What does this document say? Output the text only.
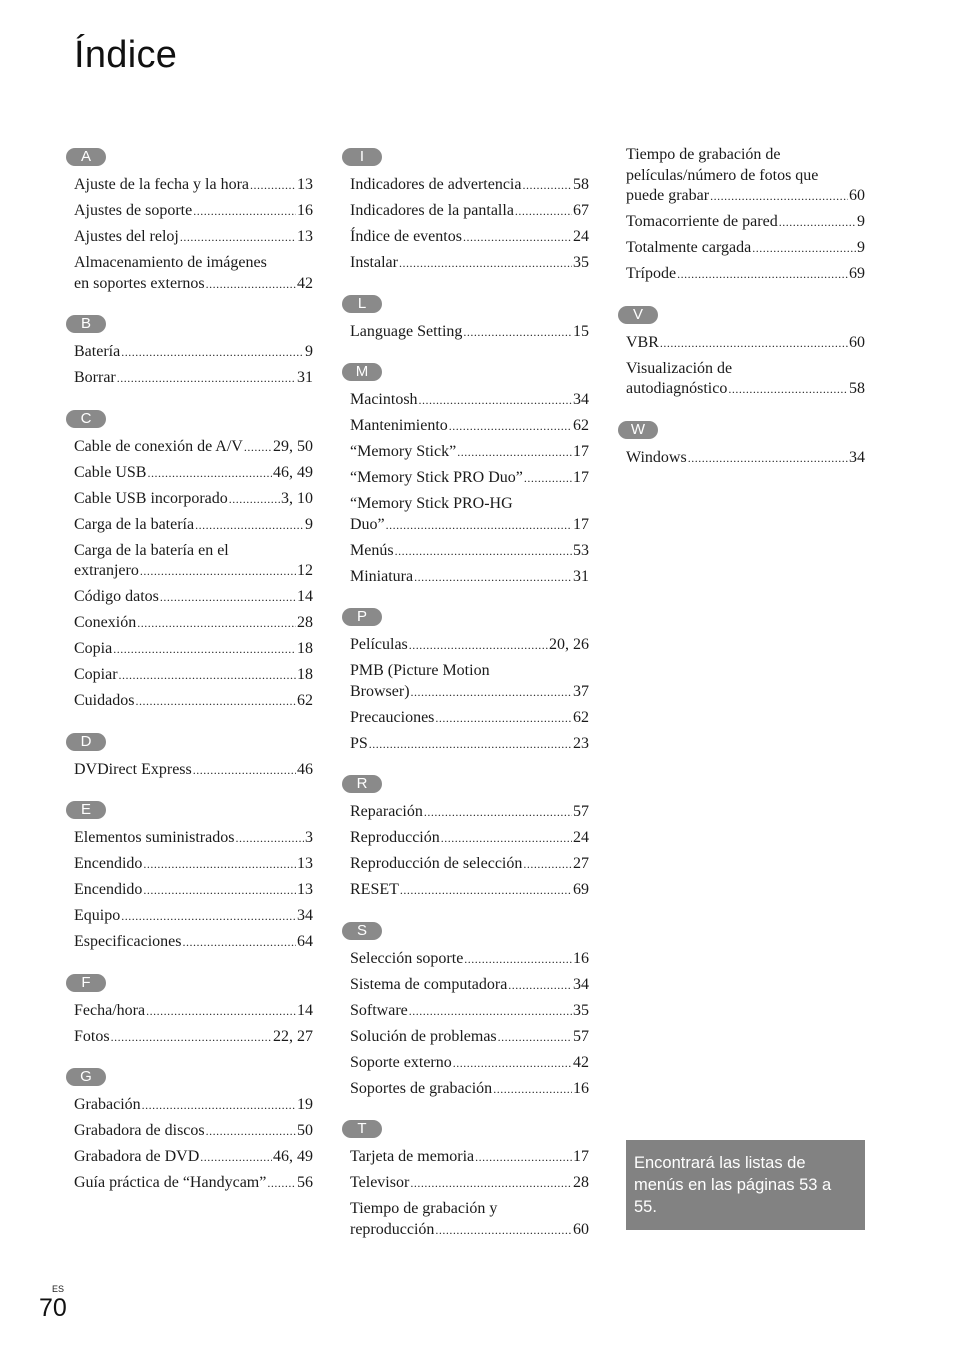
Índice
A
Ajuste de la fecha y la hora .....	13
Ajustes de soporte .....	16
Ajustes del reloj .....	13
Almacenamiento de imágenes
en soportes externos .....	42
B
Batería .....	9
Borrar .....	31
C
Cable de conexión de A/V ..... 29, 50
Cable USB .....	46, 49
Cable USB incorporado .....	3, 10
Carga de la batería .....	9
Carga de la batería en el
extranjero .....	12
Código datos .....	14
Conexión .....	28
Copia .....	18
Copiar .....	18
Cuidados .....	62
D
DVDirect Express .....	46
E
Elementos suministrados .....	3
Encendido .....	13
Encendido .....	13
Equipo .....	34
Especificaciones .....	64
F
Fecha/hora .....	14
Fotos .....	22, 27
G
Grabación .....	19
Grabadora de discos .....	50
Grabadora de DVD .....	46, 49
Guía práctica de “Handycam” ..... 56
I
Indicadores de advertencia .....	58
Indicadores de la pantalla .....	67
Índice de eventos .....	24
Instalar .....	35
L
Language Setting .....	15
M
Macintosh .....	34
Mantenimiento .....	62
“Memory Stick” .....	17
“Memory Stick PRO Duo” .....	17
“Memory Stick PRO-HG
Duo” .....	17
Menús .....	53
Miniatura .....	31
P
Películas .....	20, 26
PMB (Picture Motion
Browser) .....	37
Precauciones .....	62
PS .....	23
R
Reparación .....	57
Reproducción .....	24
Reproducción de selección .....	27
RESET .....	69
S
Selección soporte .....	16
Sistema de computadora .....	34
Software .....	35
Solución de problemas .....	57
Soporte externo .....	42
Soportes de grabación .....	16
T
Tarjeta de memoria .....	17
Televisor .....	28
Tiempo de grabación y
reproducción .....	60
Tiempo de grabación de
películas/número de fotos que
puede grabar .....	60
Tomacorriente de pared .....	9
Totalmente cargada .....	9
Trípode .....	69
V
VBR .....	60
Visualización de
autodiagnóstico .....	58
W
Windows .....	34
Encontrará las listas de menús en las páginas 53 a 55.
ES
70
